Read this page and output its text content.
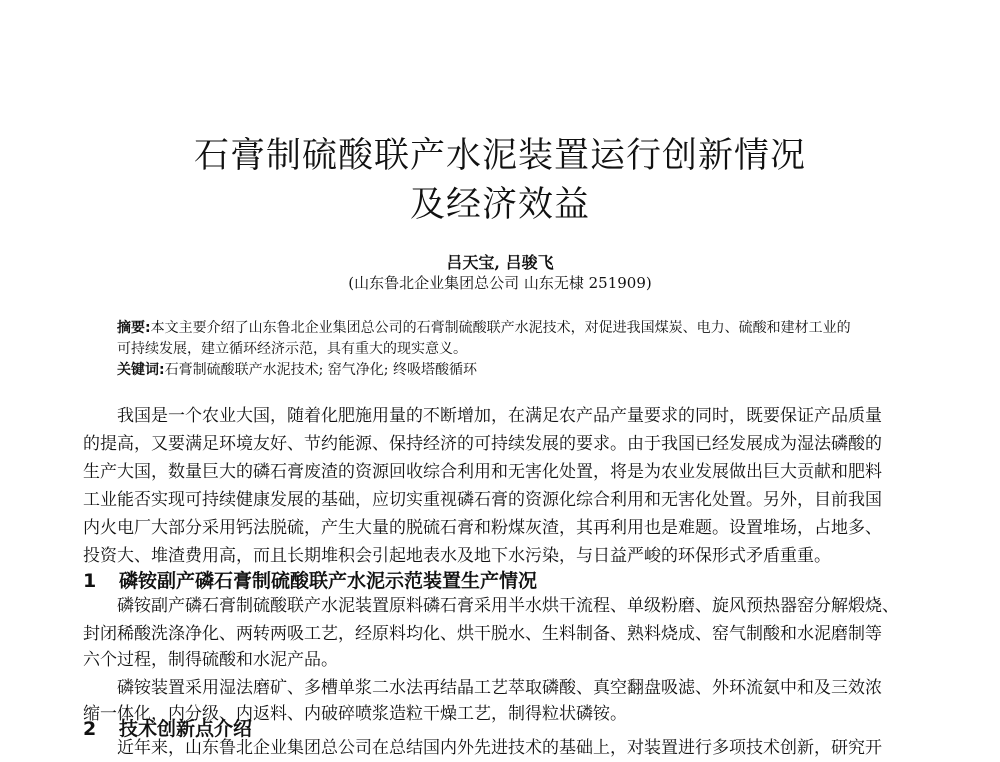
石膏制硫酸联产水泥装置运行创新情况
及经济效益
吕天宝, 吕骏飞
(山东鲁北企业集团总公司 山东无棣 251909)
摘要:本文主要介绍了山东鲁北企业集团总公司的石膏制硫酸联产水泥技术，对促进我国煤炭、电力、硫酸和建材工业的
可持续发展，建立循环经济示范，具有重大的现实意义。
关键词:石膏制硫酸联产水泥技术; 窑气净化; 终吸塔酸循环
我国是一个农业大国，随着化肥施用量的不断增加，在满足农产品产量要求的同时，既要保证产品质量
的提高，又要满足环境友好、节约能源、保持经济的可持续发展的要求。由于我国已经发展成为湿法磷酸的
生产大国，数量巨大的磷石膏废渣的资源回收综合利用和无害化处置，将是为农业发展做出巨大贡献和肥料
工业能否实现可持续健康发展的基础，应切实重视磷石膏的资源化综合利用和无害化处置。另外，目前我国
内火电厂大部分采用钙法脱硫，产生大量的脱硫石膏和粉煤灰渣，其再利用也是难题。设置堆场，占地多、
投资大、堆渣费用高，而且长期堆积会引起地表水及地下水污染，与日益严峻的环保形式矛盾重重。
1 磷铵副产磷石膏制硫酸联产水泥示范装置生产情况
磷铵副产磷石膏制硫酸联产水泥装置原料磷石膏采用半水烘干流程、单级粉磨、旋风预热器窑分解煅烧、
封闭稀酸洗涤净化、两转两吸工艺，经原料均化、烘干脱水、生料制备、熟料烧成、窑气制酸和水泥磨制等
六个过程，制得硫酸和水泥产品。
磷铵装置采用湿法磨矿、多槽单浆二水法再结晶工艺萃取磷酸、真空翻盘吸滤、外环流氨中和及三效浓
缩一体化，内分级、内返料、内破碎喷浆造粒干燥工艺，制得粒状磷铵。
2 技术创新点介绍
近年来，山东鲁北企业集团总公司在总结国内外先进技术的基础上，对装置进行多项技术创新，研究开
